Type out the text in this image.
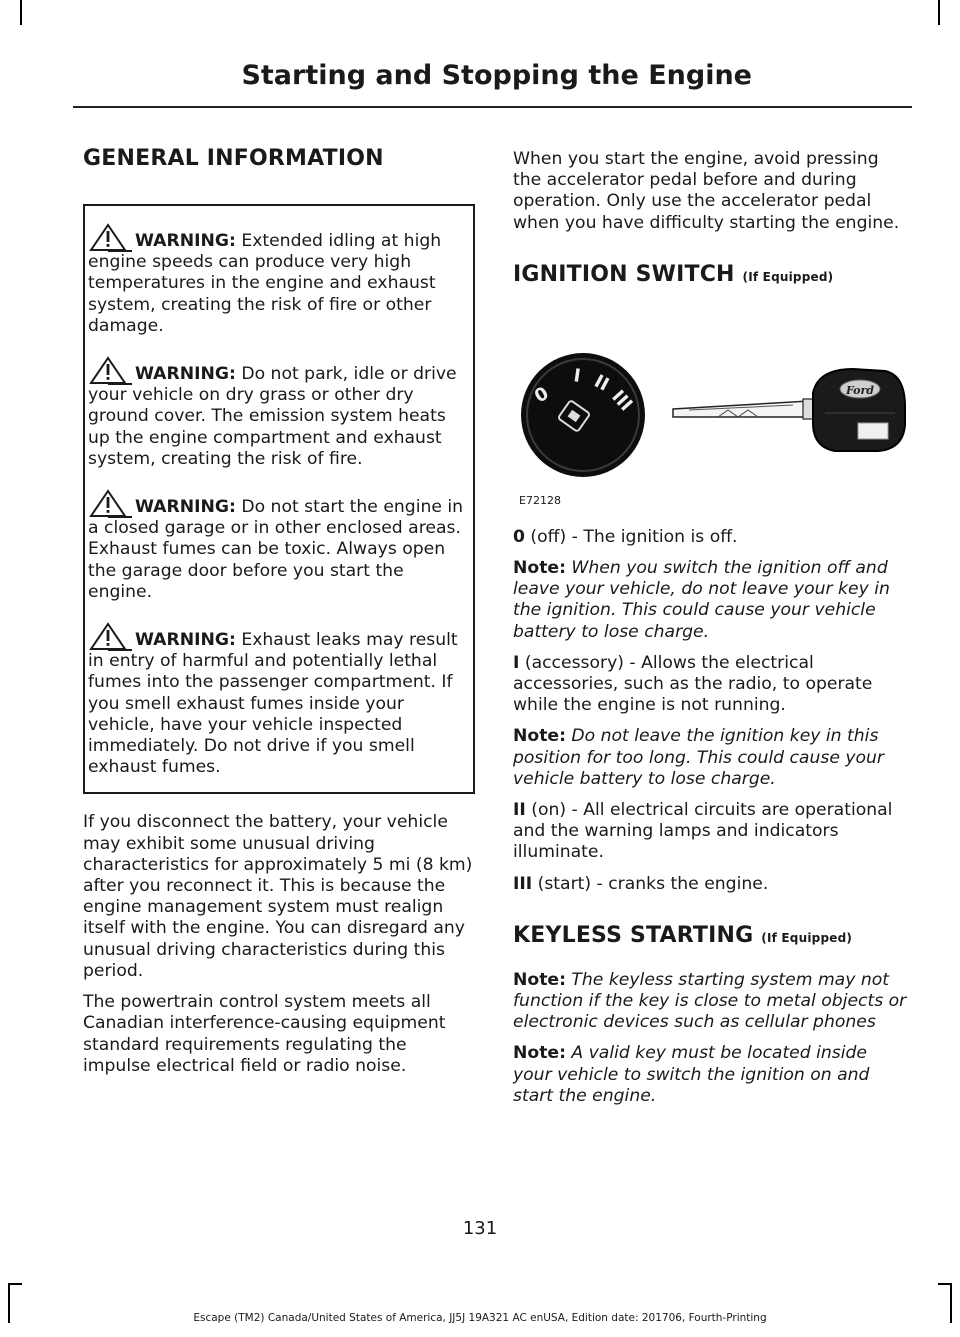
Starting and Stopping the Engine
GENERAL INFORMATION
WARNING: Extended idling at high engine speeds can produce very high temperatures in the engine and exhaust system, creating the risk of fire or other damage.
WARNING: Do not park, idle or drive your vehicle on dry grass or other dry ground cover. The emission system heats up the engine compartment and exhaust system, creating the risk of fire.
WARNING: Do not start the engine in a closed garage or in other enclosed areas. Exhaust fumes can be toxic. Always open the garage door before you start the engine.
WARNING: Exhaust leaks may result in entry of harmful and potentially lethal fumes into the passenger compartment. If you smell exhaust fumes inside your vehicle, have your vehicle inspected immediately. Do not drive if you smell exhaust fumes.

If you disconnect the battery, your vehicle may exhibit some unusual driving characteristics for approximately 5 mi (8 km) after you reconnect it. This is because the engine management system must realign itself with the engine. You can disregard any unusual driving characteristics during this period.

The powertrain control system meets all Canadian interference-causing equipment standard requirements regulating the impulse electrical field or radio noise.

When you start the engine, avoid pressing the accelerator pedal before and during operation. Only use the accelerator pedal when you have difficulty starting the engine.

IGNITION SWITCH (If Equipped)
0
I II
III	Ford
E72128

0 (off) - The ignition is off.

Note: When you switch the ignition off and leave your vehicle, do not leave your key in the ignition. This could cause your vehicle battery to lose charge.

I (accessory) - Allows the electrical accessories, such as the radio, to operate while the engine is not running.

Note: Do not leave the ignition key in this position for too long. This could cause your vehicle battery to lose charge.

II (on) - All electrical circuits are operational and the warning lamps and indicators illuminate.

III (start) - cranks the engine.

KEYLESS STARTING (If Equipped)

Note: The keyless starting system may not function if the key is close to metal objects or electronic devices such as cellular phones

Note: A valid key must be located inside your vehicle to switch the ignition on and start the engine.

131
Escape (TM2) Canada/United States of America, JJ5J 19A321 AC enUSA, Edition date: 201706, Fourth-Printing
